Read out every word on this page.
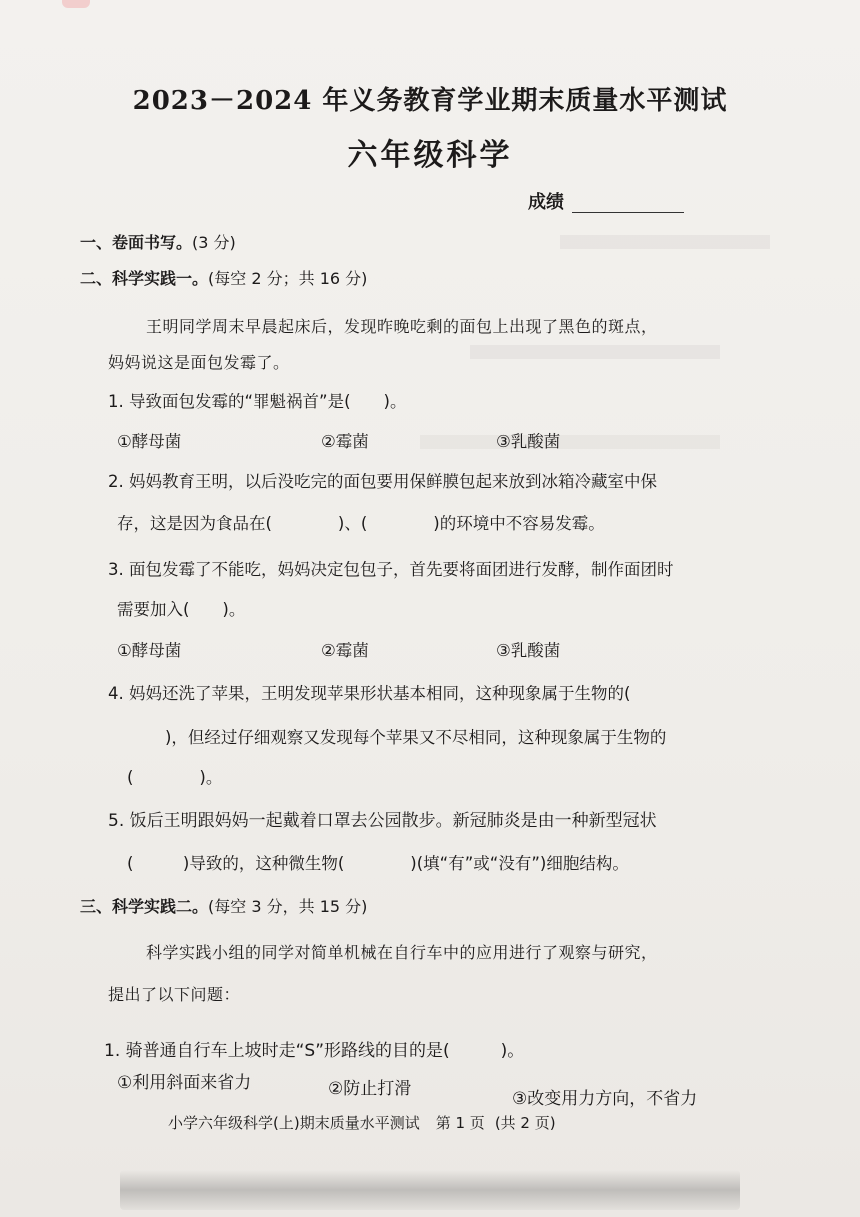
2023－2024 年义务教育学业期末质量水平测试
六年级科学
成绩
一、卷面书写。(3 分)
二、科学实践一。(每空 2 分；共 16 分)
王明同学周末早晨起床后，发现昨晚吃剩的面包上出现了黑色的斑点，
妈妈说这是面包发霉了。
1. 导致面包发霉的“罪魁祸首”是(　　)。
①酵母菌	②霉菌	③乳酸菌
2. 妈妈教育王明，以后没吃完的面包要用保鲜膜包起来放到冰箱冷藏室中保
存，这是因为食品在(　　　　)、(　　　　)的环境中不容易发霉。
3. 面包发霉了不能吃，妈妈决定包包子，首先要将面团进行发酵，制作面团时
需要加入(　　)。
①酵母菌	②霉菌	③乳酸菌
4. 妈妈还洗了苹果，王明发现苹果形状基本相同，这种现象属于生物的(
)，但经过仔细观察又发现每个苹果又不尽相同，这种现象属于生物的
(　　　　)。
5. 饭后王明跟妈妈一起戴着口罩去公园散步。新冠肺炎是由一种新型冠状
(　　　)导致的，这种微生物(　　　　)(填“有”或“没有”)细胞结构。
三、科学实践二。(每空 3 分，共 15 分)
科学实践小组的同学对简单机械在自行车中的应用进行了观察与研究，
提出了以下问题：
1. 骑普通自行车上坡时走“S”形路线的目的是(　　　)。
①利用斜面来省力	②防止打滑	③改变用力方向，不省力
小学六年级科学(上)期末质量水平测试 第 1 页 (共 2 页)
